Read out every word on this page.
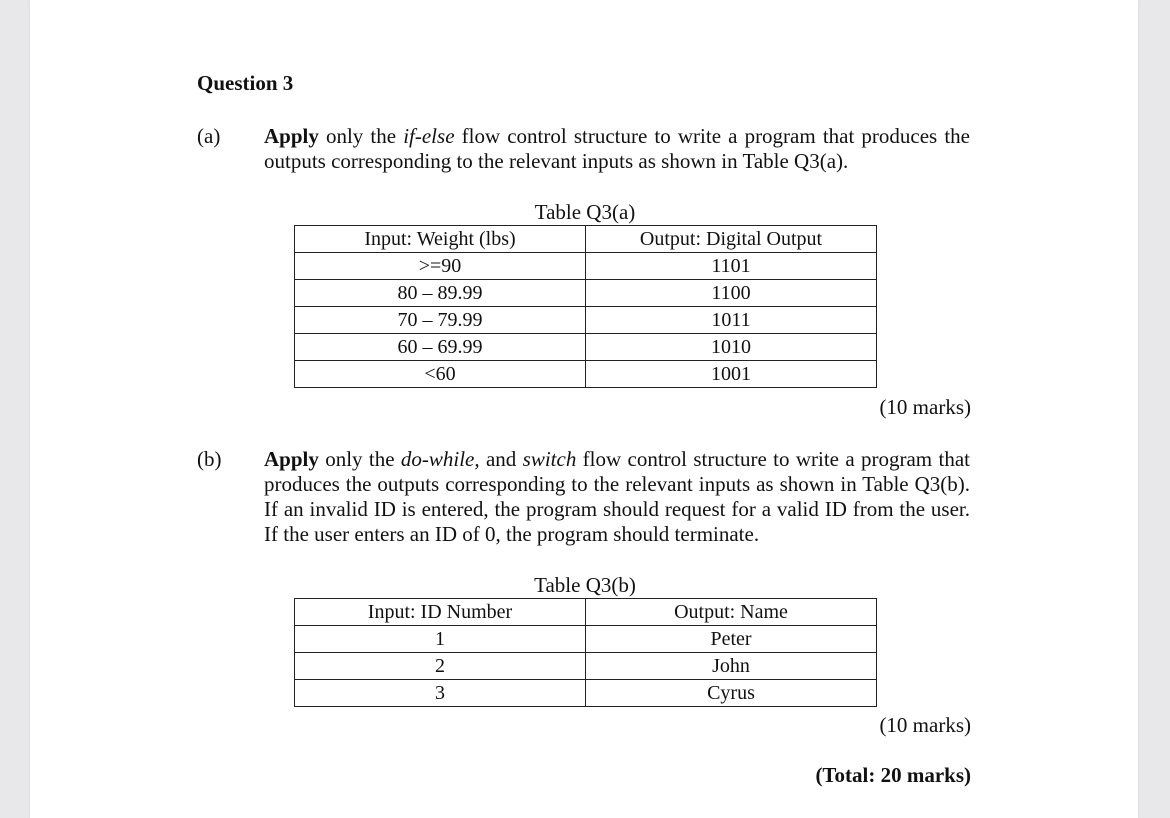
Question 3
(a) Apply only the if-else flow control structure to write a program that produces the outputs corresponding to the relevant inputs as shown in Table Q3(a).
Table Q3(a)
Input: Weight (lbs)	Output: Digital Output
>=90	1101
80 – 89.99	1100
70 – 79.99	1011
60 – 69.99	1010
<60	1001
(10 marks)
(b) Apply only the do-while, and switch flow control structure to write a program that produces the outputs corresponding to the relevant inputs as shown in Table Q3(b). If an invalid ID is entered, the program should request for a valid ID from the user. If the user enters an ID of 0, the program should terminate.
Table Q3(b)
Input: ID Number	Output: Name
1	Peter
2	John
3	Cyrus
(10 marks)
(Total: 20 marks)
